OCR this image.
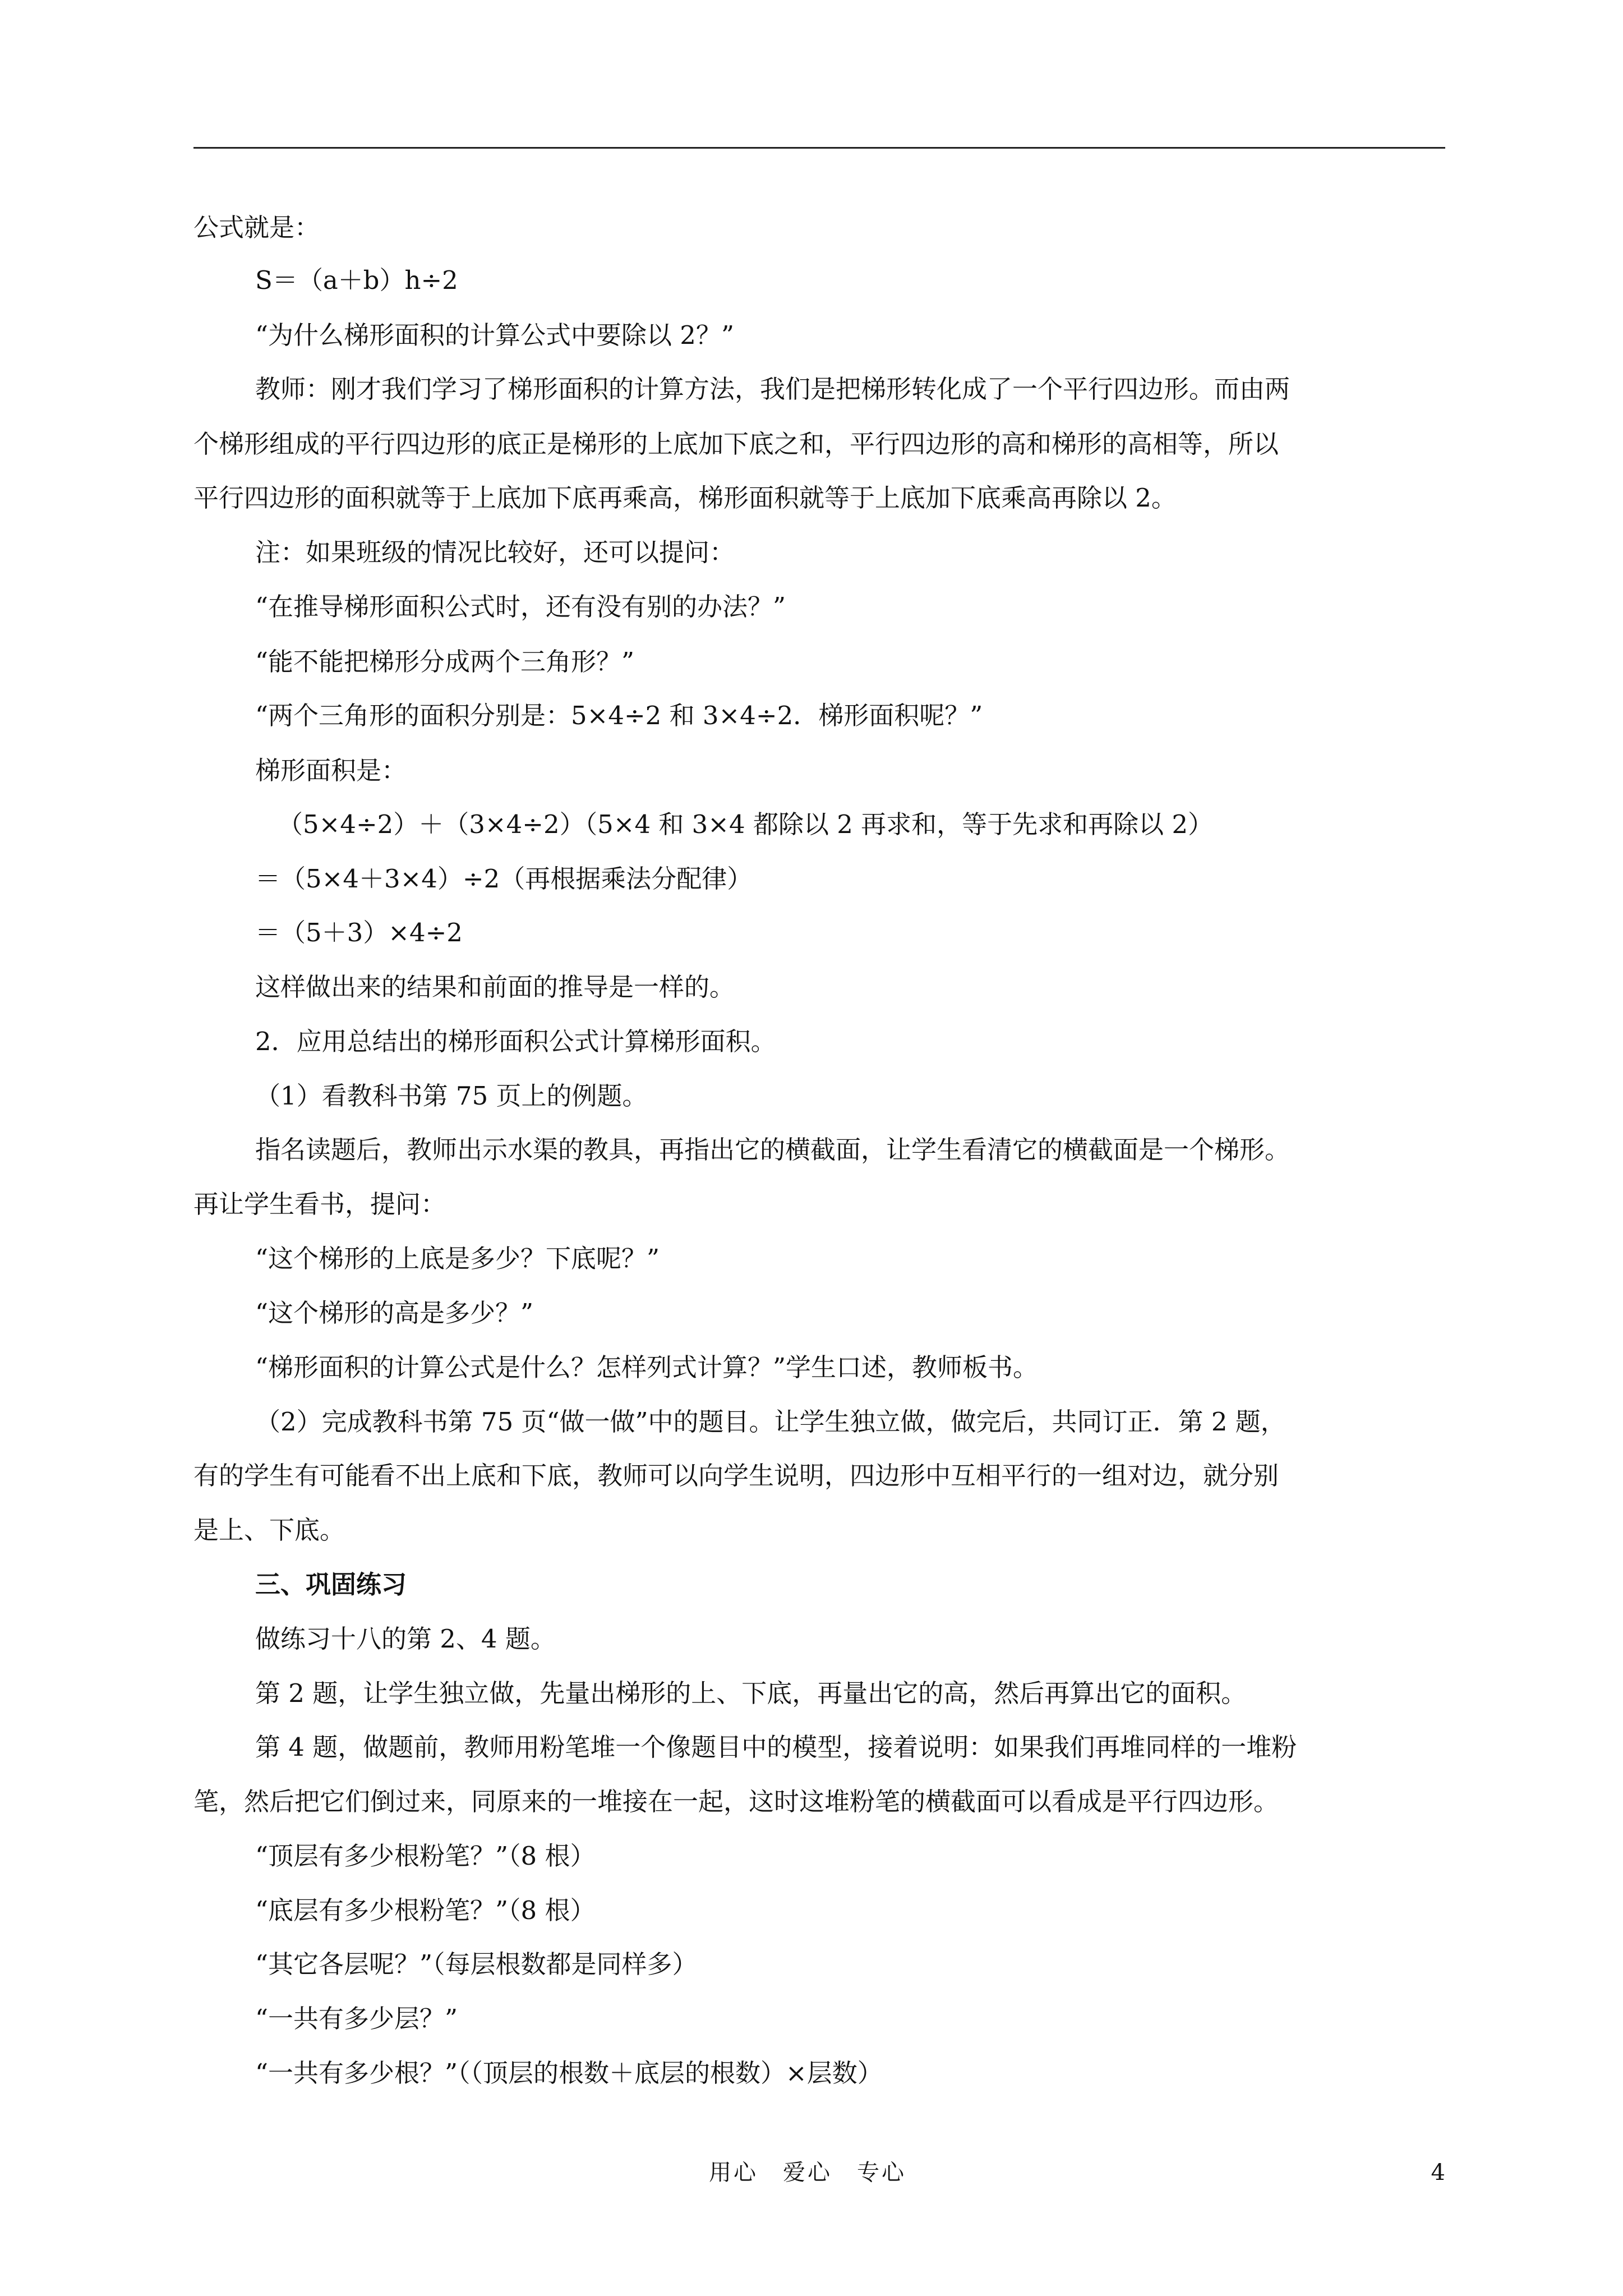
公式就是：
S＝（a＋b）h÷2
“为什么梯形面积的计算公式中要除以 2？”
教师：刚才我们学习了梯形面积的计算方法，我们是把梯形转化成了一个平行四边形。而由两
个梯形组成的平行四边形的底正是梯形的上底加下底之和，平行四边形的高和梯形的高相等，所以
平行四边形的面积就等于上底加下底再乘高，梯形面积就等于上底加下底乘高再除以 2。
注：如果班级的情况比较好，还可以提问：
“在推导梯形面积公式时，还有没有别的办法？”
“能不能把梯形分成两个三角形？”
“两个三角形的面积分别是：5×4÷2 和 3×4÷2．梯形面积呢？”
梯形面积是：
（5×4÷2）＋（3×4÷2）（5×4 和 3×4 都除以 2 再求和，等于先求和再除以 2）
＝（5×4＋3×4）÷2（再根据乘法分配律）
＝（5＋3）×4÷2
这样做出来的结果和前面的推导是一样的。
2．应用总结出的梯形面积公式计算梯形面积。
（1）看教科书第 75 页上的例题。
指名读题后，教师出示水渠的教具，再指出它的横截面，让学生看清它的横截面是一个梯形。
再让学生看书，提问：
“这个梯形的上底是多少？下底呢？”
“这个梯形的高是多少？”
“梯形面积的计算公式是什么？怎样列式计算？”学生口述，教师板书。
（2）完成教科书第 75 页“做一做”中的题目。让学生独立做，做完后，共同订正．第 2 题，
有的学生有可能看不出上底和下底，教师可以向学生说明，四边形中互相平行的一组对边，就分别
是上、下底。
三、巩固练习
做练习十八的第 2、4 题。
第 2 题，让学生独立做，先量出梯形的上、下底，再量出它的高，然后再算出它的面积。
第 4 题，做题前，教师用粉笔堆一个像题目中的模型，接着说明：如果我们再堆同样的一堆粉
笔，然后把它们倒过来，同原来的一堆接在一起，这时这堆粉笔的横截面可以看成是平行四边形。
“顶层有多少根粉笔？”（8 根）
“底层有多少根粉笔？”（8 根）
“其它各层呢？”（每层根数都是同样多）
“一共有多少层？”
“一共有多少根？”（（顶层的根数＋底层的根数）×层数）
用心　爱心　专心	4
